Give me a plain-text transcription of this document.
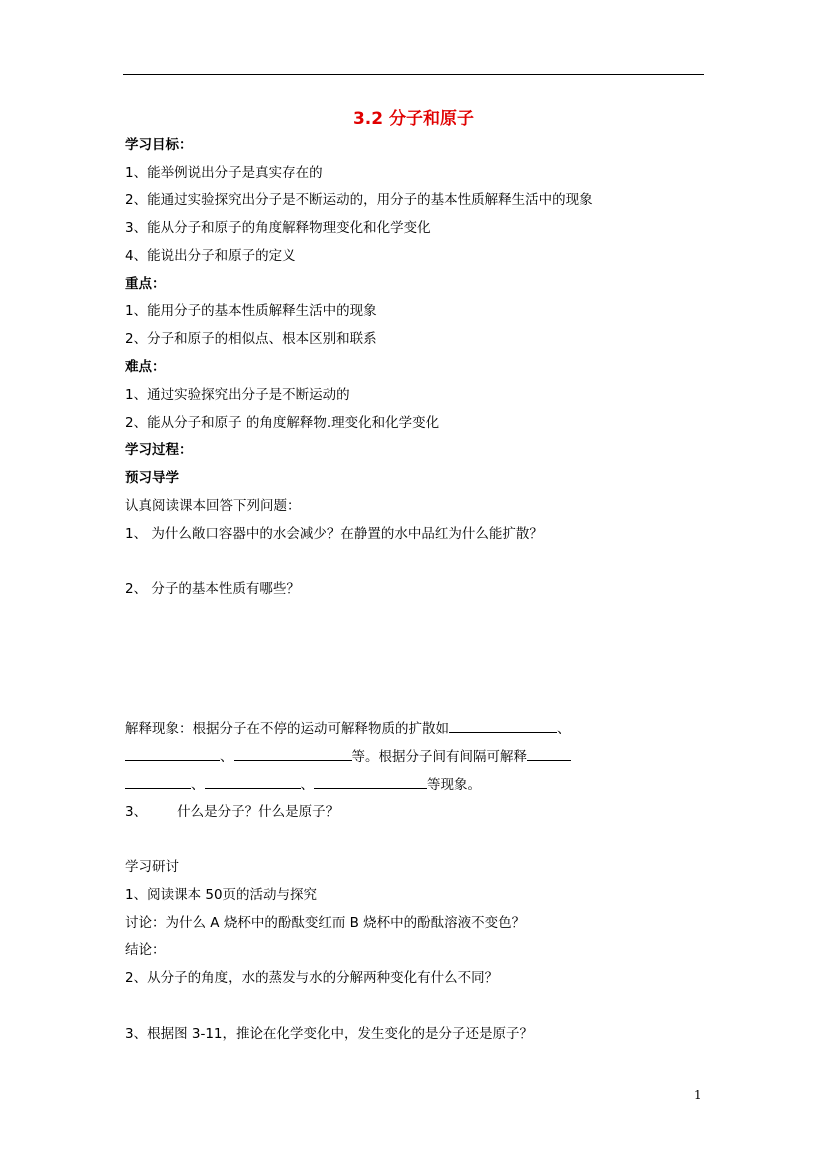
3.2 分子和原子
学习目标：
1、能举例说出分子是真实存在的
2、能通过实验探究出分子是不断运动的，用分子的基本性质解释生活中的现象
3、能从分子和原子的角度解释物理变化和化学变化
4、能说出分子和原子的定义
重点：
1、能用分子的基本性质解释生活中的现象
2、分子和原子的相似点、根本区别和联系
难点：
1、通过实验探究出分子是不断运动的
2、能从分子和原子 的角度解释物.理变化和化学变化
学习过程：
预习导学
认真阅读课本回答下列问题：
1、 为什么敞口容器中的水会减少？在静置的水中品红为什么能扩散？
2、 分子的基本性质有哪些？
解释现象：根据分子在不停的运动可解释物质的扩散如	、
、	等。根据分子间有间隔可解释
、	、	等现象。
3、 什么是分子？什么是原子？
学习研讨
1、阅读课本 50页的活动与探究
讨论：为什么 A 烧杯中的酚酞变红而 B 烧杯中的酚酞溶液不变色？
结论：
2、从分子的角度，水的蒸发与水的分解两种变化有什么不同？
3、根据图 3-11，推论在化学变化中，发生变化的是分子还是原子？
1
